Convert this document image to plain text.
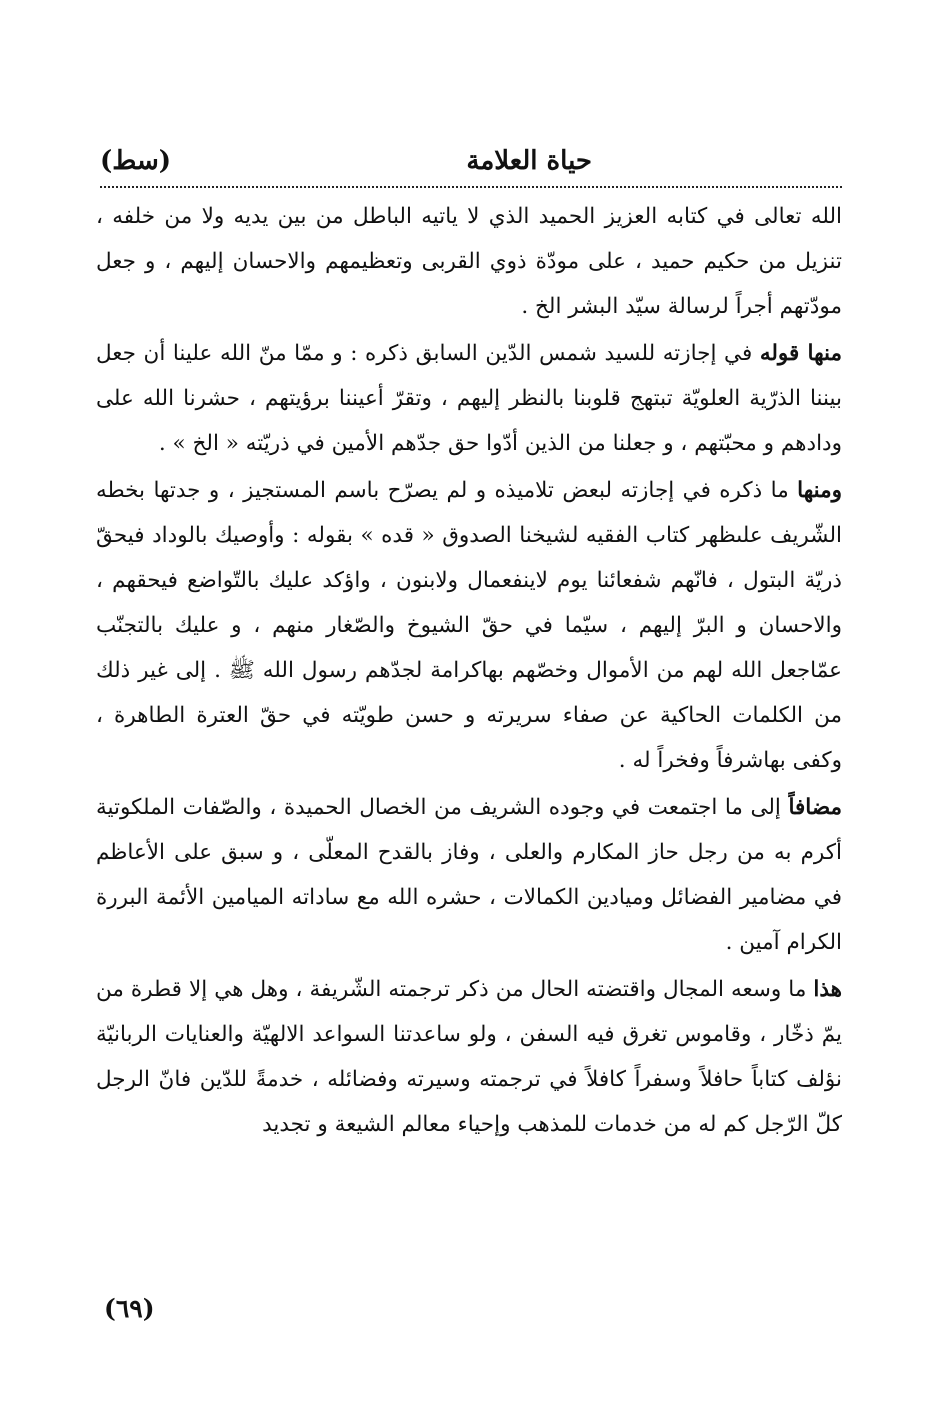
حياة العلامة
(سط)

الله تعالى في كتابه العزيز الحميد الذي لا ياتيه الباطل من بين يديه ولا من خلفه ، تنزيل من حكيم حميد ، على مودّة ذوي القربى وتعظيمهم والاحسان إليهم ، و جعل مودّتهم أجراً لرسالة سيّد البشر الخ .

منها قوله في إجازته للسيد شمس الدّين السابق ذكره : و ممّا منّ الله علينا أن جعل بيننا الذرّية العلويّة تبتهج قلوبنا بالنظر إليهم ، وتقرّ أعيننا برؤيتهم ، حشرنا الله على ودادهم و محبّتهم ، و جعلنا من الذين أدّوا حق جدّهم الأمين في ذريّته « الخ » .

ومنها ما ذكره في إجازته لبعض تلاميذه و لم يصرّح باسم المستجيز ، و جدتها بخطه الشّريف علىظهر كتاب الفقيه لشيخنا الصدوق « قده » بقوله : وأوصيك بالوداد فيحقّ ذريّة البتول ، فانّهم شفعائنا يوم لاينفعمال ولابنون ، واؤكد عليك بالتّواضع فيحقهم ، والاحسان و البرّ إليهم ، سيّما في حقّ الشيوخ والصّغار منهم ، و عليك بالتجنّب عمّاجعل الله لهم من الأموال وخصّهم بهاكرامة لجدّهم رسول الله ﷺ . إلى غير ذلك من الكلمات الحاكية عن صفاء سريرته و حسن طويّته في حقّ العترة الطاهرة ، وكفى بهاشرفاً وفخراً له .

مضافاً إلى ما اجتمعت في وجوده الشريف من الخصال الحميدة ، والصّفات الملكوتية أكرم به من رجل حاز المكارم والعلى ، وفاز بالقدح المعلّى ، و سبق على الأعاظم في مضامير الفضائل وميادين الكمالات ، حشره الله مع ساداته الميامين الأئمة البررة الكرام آمين .

هذا ما وسعه المجال واقتضته الحال من ذكر ترجمته الشّريفة ، وهل هي إلا قطرة من يمّ ذخّار ، وقاموس تغرق فيه السفن ، ولو ساعدتنا السواعد الالهيّة والعنايات الربانيّة نؤلف كتاباً حافلاً وسفراً كافلاً في ترجمته وسيرته وفضائله ، خدمةً للدّين فانّ الرجل كلّ الرّجل كم له من خدمات للمذهب وإحياء معالم الشيعة و تجديد

(٦٩)
